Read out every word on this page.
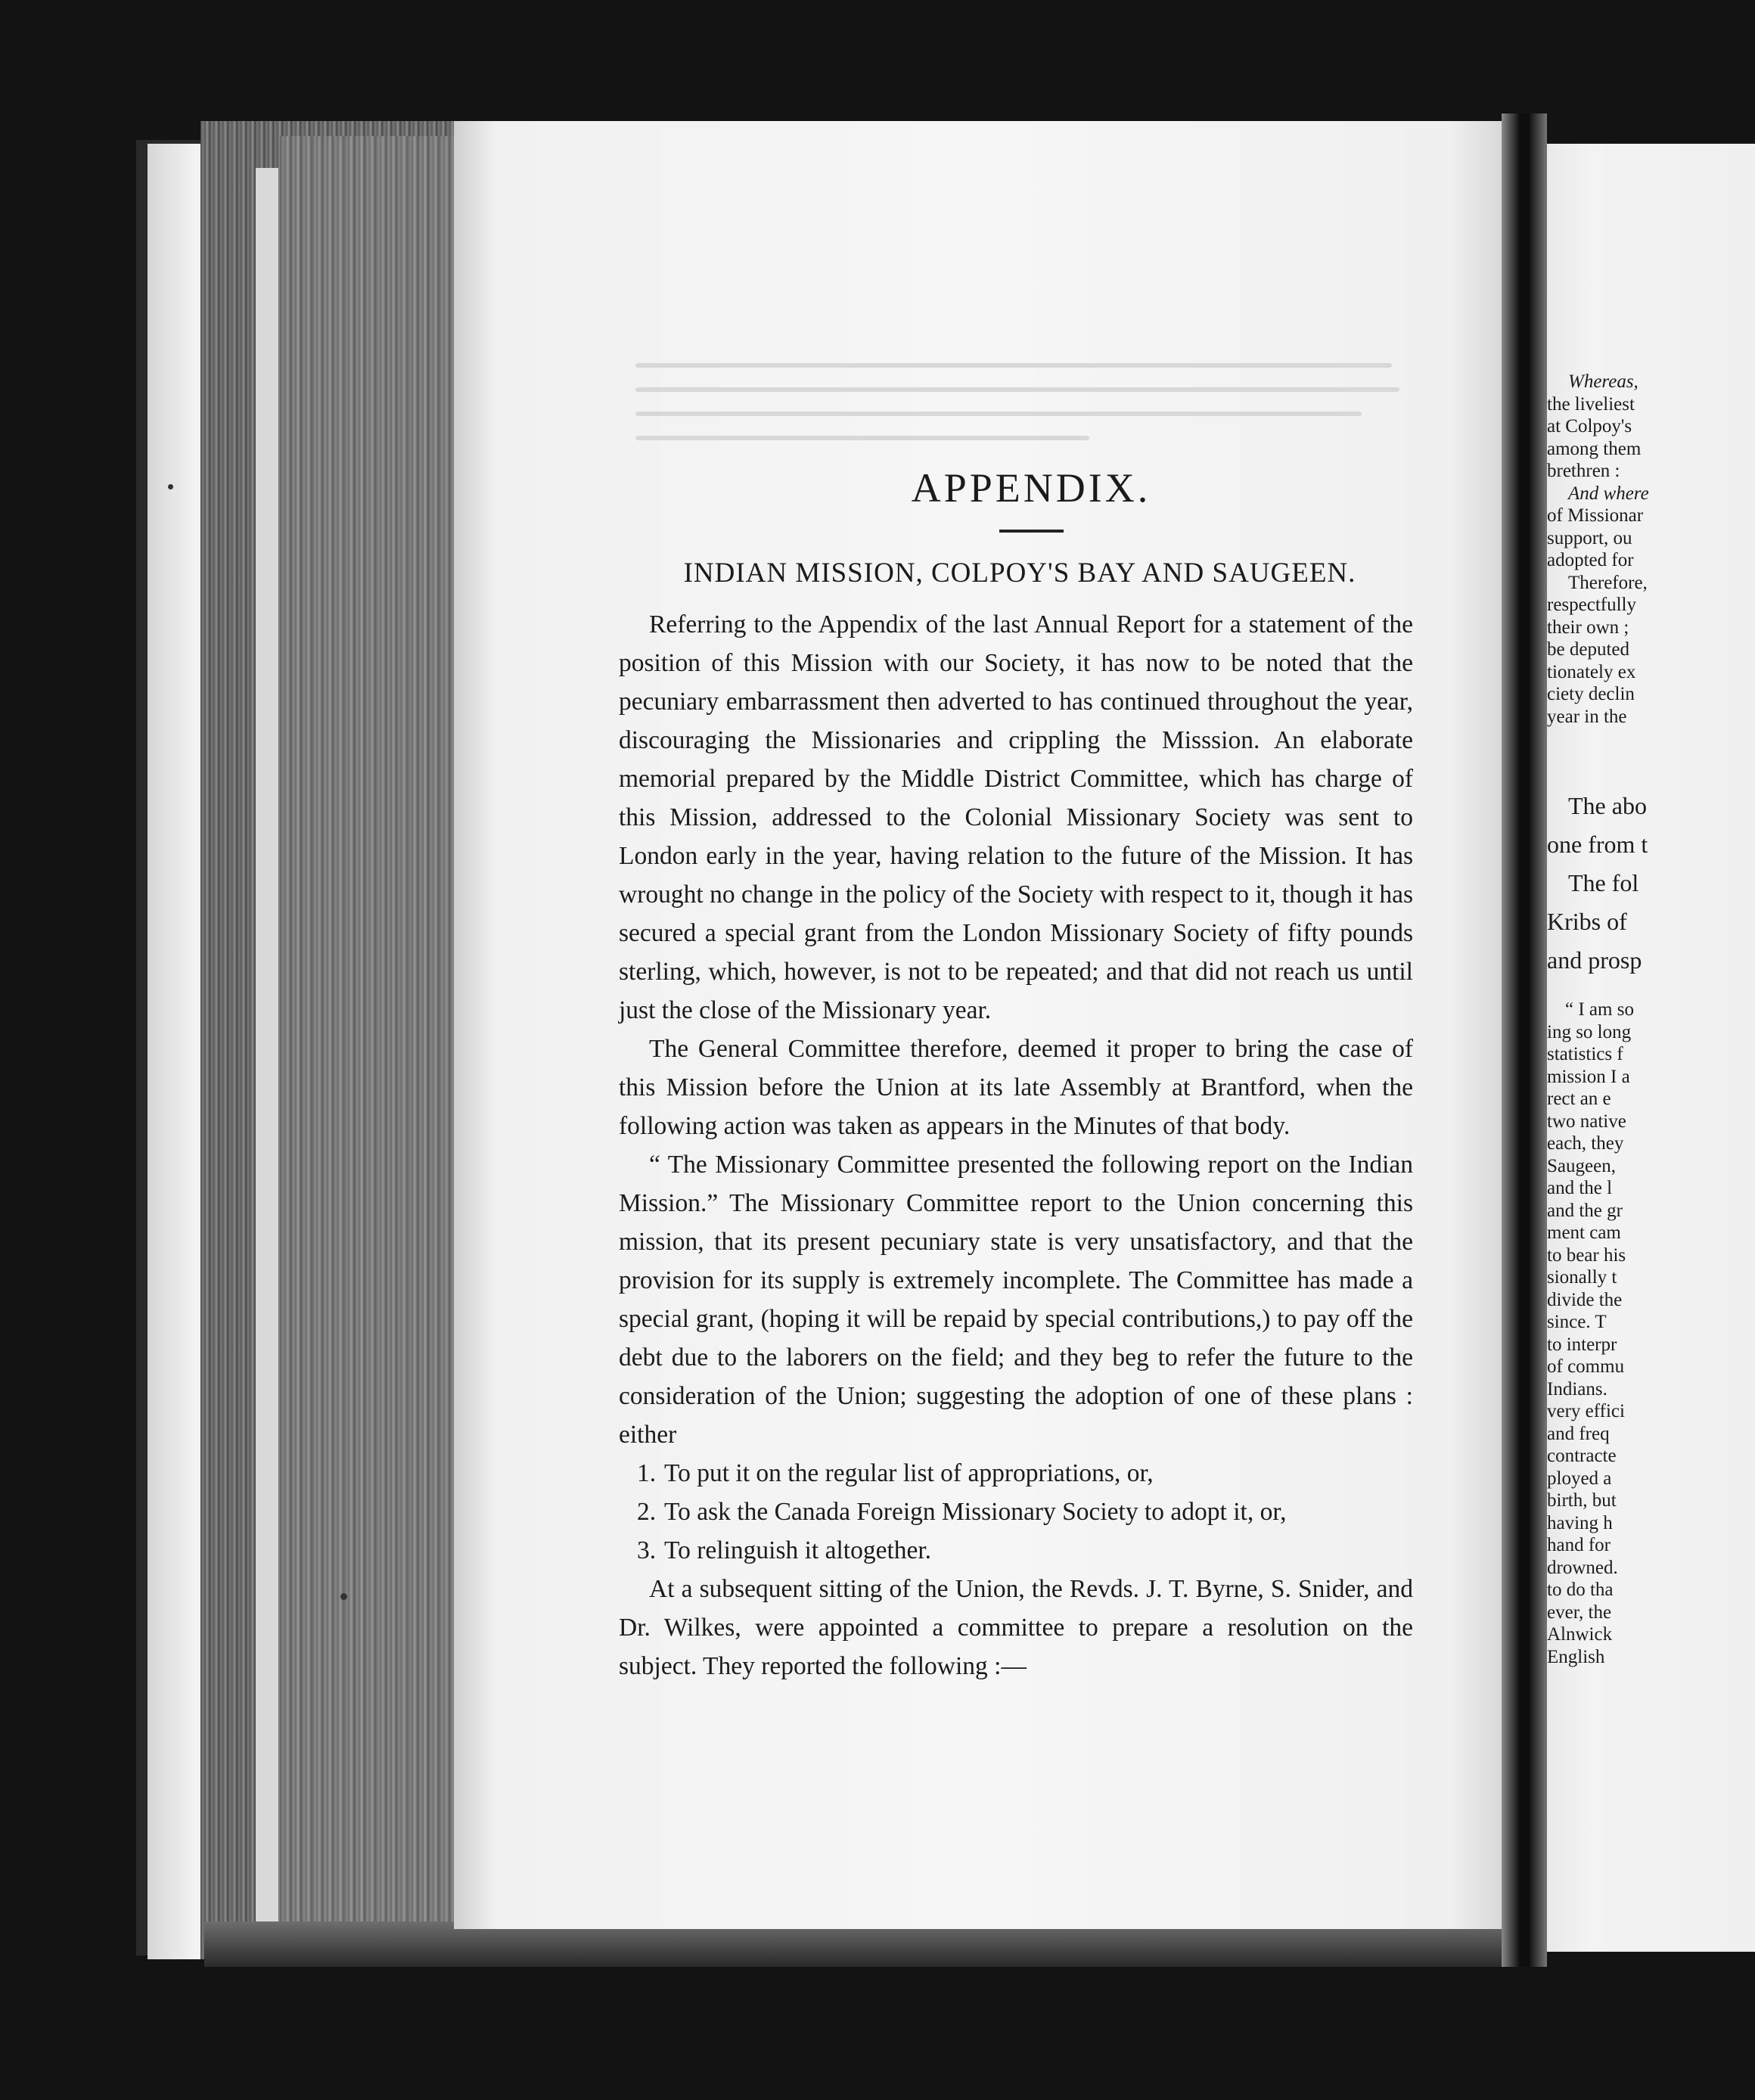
Whereas,
the liveliest
at Colpoy's
among them
brethren :
And where
of Missionar
support, ou
adopted for
Therefore,
respectfully
their own ;
be deputed
tionately ex
ciety declin
year in the
The abo
one from t
The fol
Kribs of
and prosp
“ I am so
ing so long
statistics f
mission I a
rect an e
two native
each, they
Saugeen,
and the l
and the gr
ment cam
to bear his
sionally t
divide the
since. T
to interpr
of commu
Indians.
very effici
and freq
contracte
ployed a
birth, but
having h
hand for
drowned.
to do tha
ever, the
Alnwick
English
APPENDIX.
INDIAN MISSION, COLPOY'S BAY AND SAUGEEN.

Referring to the Appendix of the last Annual Report for a statement of the position of this Mission with our Society, it has now to be noted that the pecuniary embarrassment then adverted to has continued throughout the year, discouraging the Missionaries and crippling the Misssion. An elaborate memorial prepared by the Middle District Committee, which has charge of this Mission, addressed to the Colonial Missionary Society was sent to London early in the year, having relation to the future of the Mission. It has wrought no change in the policy of the Society with respect to it, though it has secured a special grant from the London Missionary Society of fifty pounds sterling, which, however, is not to be repeated; and that did not reach us until just the close of the Missionary year.

The General Committee therefore, deemed it proper to bring the case of this Mission before the Union at its late Assembly at Brantford, when the following action was taken as appears in the Minutes of that body.

“ The Missionary Committee presented the following report on the Indian Mission.” The Missionary Committee report to the Union concerning this mission, that its present pecuniary state is very unsatisfactory, and that the provision for its supply is extremely incomplete. The Committee has made a special grant, (hoping it will be repaid by special contributions,) to pay off the debt due to the laborers on the field; and they beg to refer the future to the consideration of the Union; suggesting the adoption of one of these plans : either

1. To put it on the regular list of appropriations, or,
2. To ask the Canada Foreign Missionary Society to adopt it, or,
3. To relinguish it altogether.

At a subsequent sitting of the Union, the Revds. J. T. Byrne, S. Snider, and Dr. Wilkes, were appointed a committee to prepare a resolution on the subject. They reported the following :—
